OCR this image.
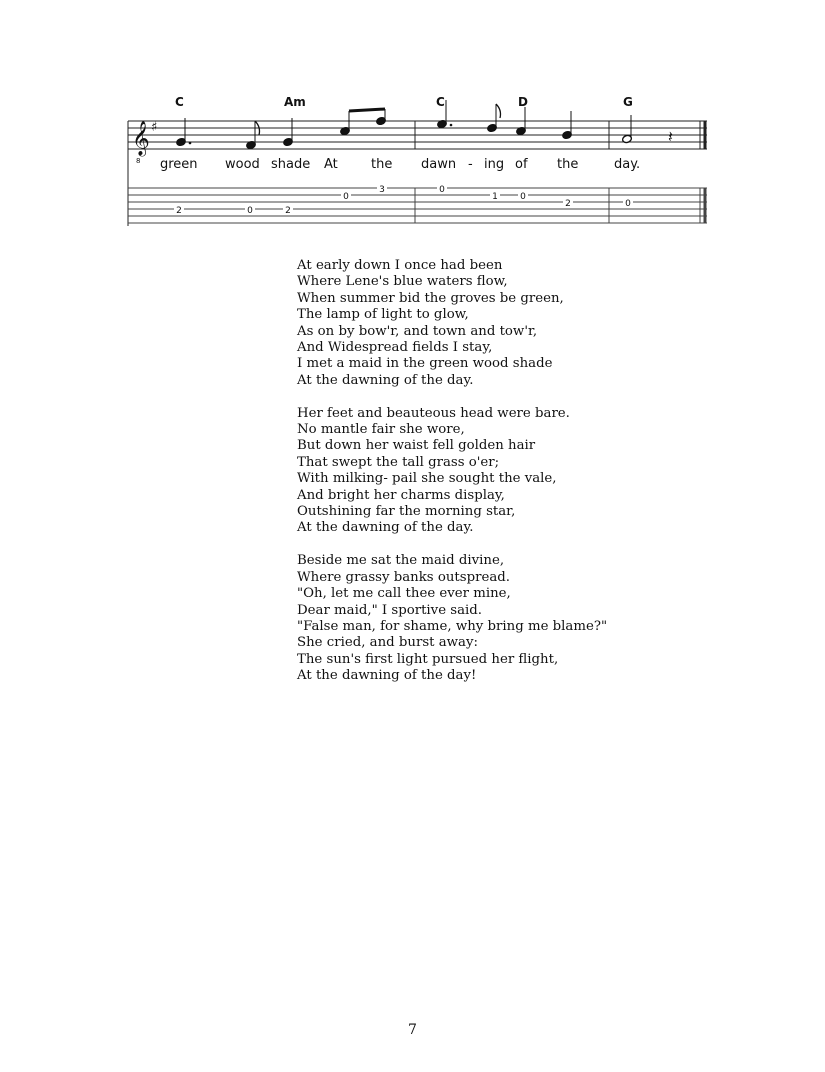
C	Am	C	D	G
𝄞
8
♯	𝄽
2	0	2
0
3	0
1 0
2	0
green wood shade At	the dawn - ing of the	day.
At early down I once had been
Where Lene's blue waters flow,
When summer bid the groves be green,
The lamp of light to glow,
As on by bow'r, and town and tow'r,
And Widespread fields I stay,
I met a maid in the green wood shade
At the dawning of the day.
Her feet and beauteous head were bare.
No mantle fair she wore,
But down her waist fell golden hair
That swept the tall grass o'er;
With milking- pail she sought the vale,
And bright her charms display,
Outshining far the morning star,
At the dawning of the day.
Beside me sat the maid divine,
Where grassy banks outspread.
"Oh, let me call thee ever mine,
Dear maid," I sportive said.
"False man, for shame, why bring me blame?"
She cried, and burst away:
The sun's first light pursued her flight,
At the dawning of the day!
7
